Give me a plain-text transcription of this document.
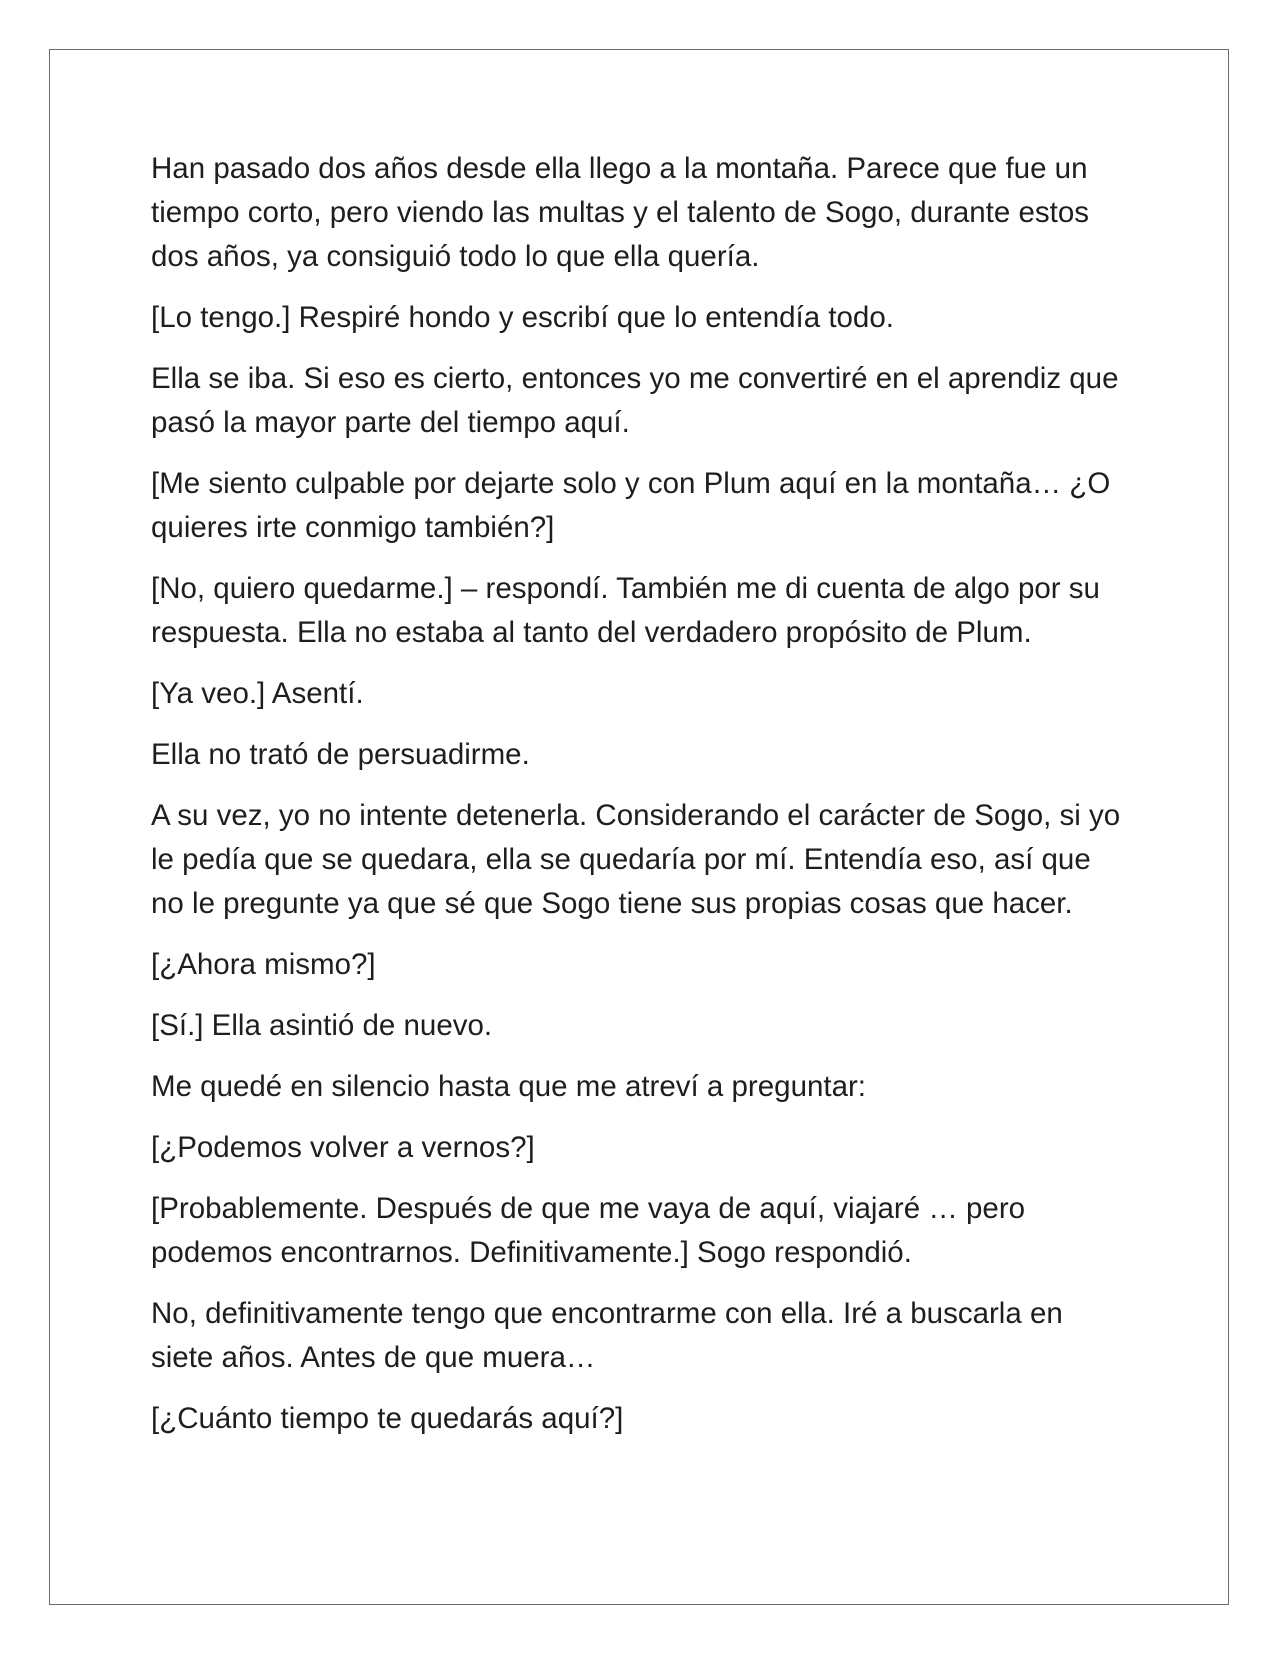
Han pasado dos años desde ella llego a la montaña. Parece que fue un tiempo corto, pero viendo las multas y el talento de Sogo, durante estos dos años, ya consiguió todo lo que ella quería.

[Lo tengo.] Respiré hondo y escribí que lo entendía todo.

Ella se iba. Si eso es cierto, entonces yo me convertiré en el aprendiz que pasó la mayor parte del tiempo aquí.

[Me siento culpable por dejarte solo y con Plum aquí en la montaña… ¿O quieres irte conmigo también?]

[No, quiero quedarme.] – respondí. También me di cuenta de algo por su respuesta. Ella no estaba al tanto del verdadero propósito de Plum.

[Ya veo.] Asentí.

Ella no trató de persuadirme.

A su vez, yo no intente detenerla. Considerando el carácter de Sogo, si yo le pedía que se quedara, ella se quedaría por mí. Entendía eso, así que no le pregunte ya que sé que Sogo tiene sus propias cosas que hacer.

[¿Ahora mismo?]

[Sí.] Ella asintió de nuevo.

Me quedé en silencio hasta que me atreví a preguntar:

[¿Podemos volver a vernos?]

[Probablemente. Después de que me vaya de aquí, viajaré … pero podemos encontrarnos. Definitivamente.] Sogo respondió.

No, definitivamente tengo que encontrarme con ella. Iré a buscarla en siete años. Antes de que muera…

[¿Cuánto tiempo te quedarás aquí?]
